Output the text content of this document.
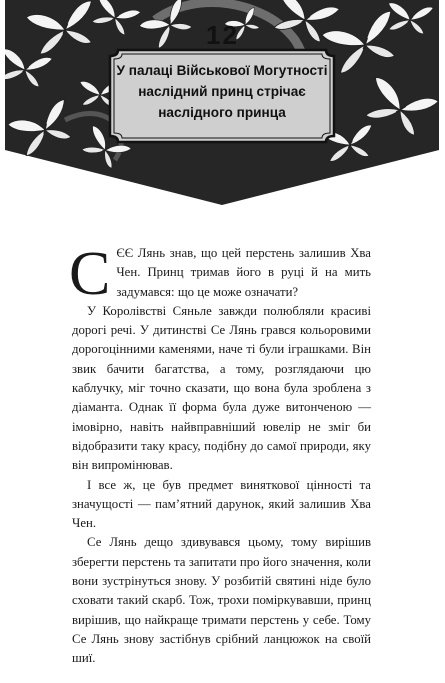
12
У палаці Військової Могутності
наслідний принц стрічає
наслідного принца

СЄЄ Лянь знав, що цей перстень залишив Хва Чен. Принц тримав його в руці й на мить задумався: що це може означати?

У Королівстві Сяньле завжди полюбляли красиві дорогі речі. У дитинстві Се Лянь грався кольоровими дорогоцінними каменями, наче ті були іграшками. Він звик бачити багатства, а тому, розглядаючи цю каблучку, міг точно сказати, що вона була зроблена з діаманта. Однак її форма була дуже витонченою — імовірно, навіть найвправніший ювелір не зміг би відобразити таку красу, подібну до самої природи, яку він випромінював.

І все ж, це був предмет виняткової цінності та значущості — пам’ятний дарунок, який залишив Хва Чен.

Се Лянь дещо здивувався цьому, тому вирішив зберегти перстень та запитати про його значення, коли вони зустрінуться знову. У розбитій святині ніде було сховати такий скарб. Тож, трохи поміркувавши, принц вирішив, що найкраще тримати перстень у себе. Тому Се Лянь знову застібнув срібний ланцюжок на своїй шиї.
